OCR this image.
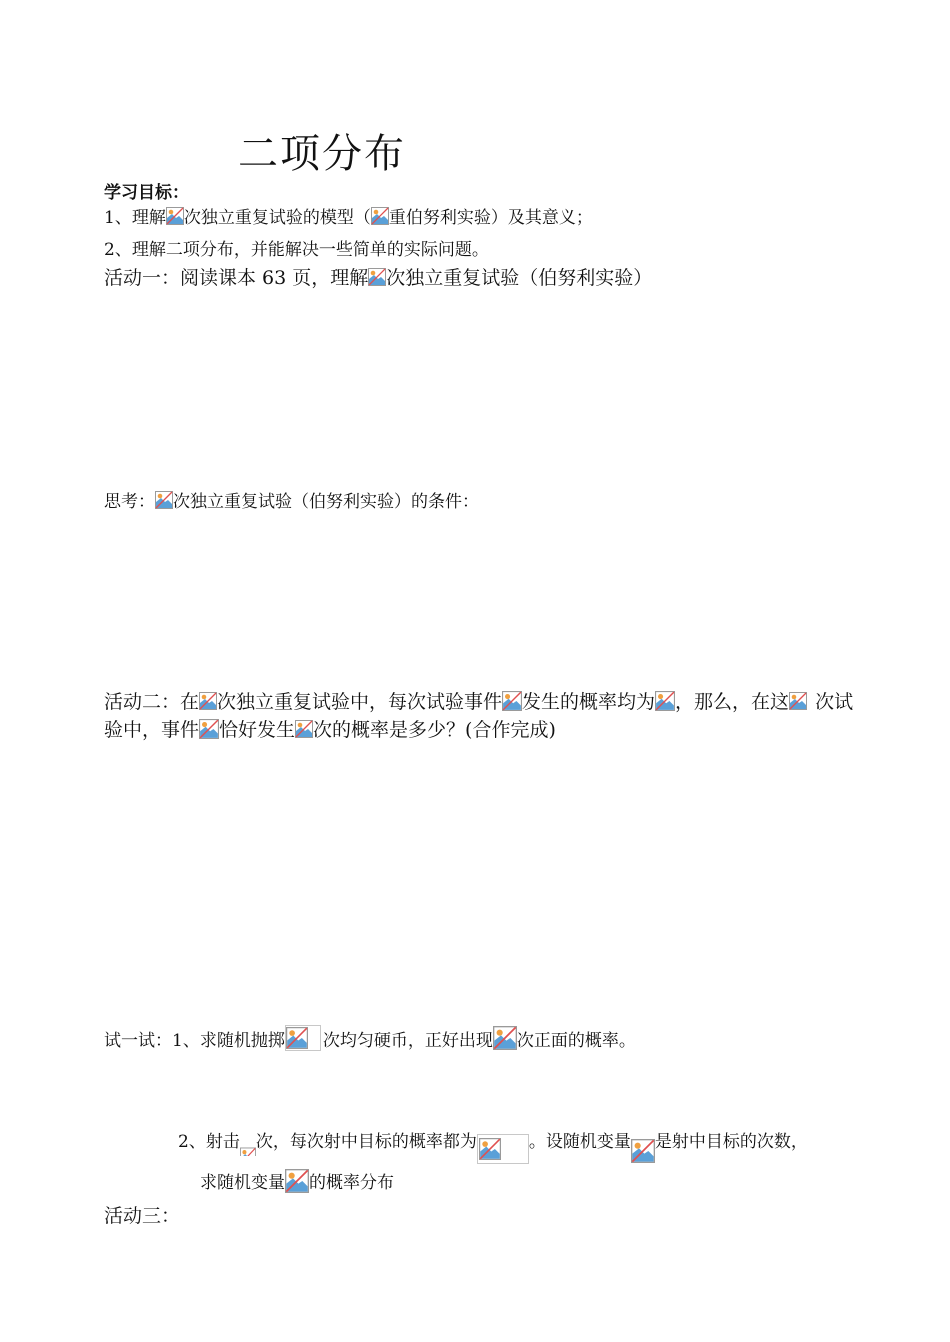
二项分布
学习目标：
1、理解 次独立重复试验的模型（ 重伯努利实验）及其意义；
2、理解二项分布，并能解决一些简单的实际问题。
活动一：阅读课本 63 页，理解 次独立重复试验（伯努利实验）
思考： 次独立重复试验（伯努利实验）的条件：
活动二：在 次独立重复试验中，每次试验事件 发生的概率均为 ，那么，在这 次试
验中，事件 恰好发生 次的概率是多少？(合作完成)
试一试：1、求随机抛掷 次均匀硬币，正好出现 次正面的概率。
2、射击 次，每次射中目标的概率都为	。设随机变量 是射中目标的次数，
求随机变量 的概率分布
活动三：
